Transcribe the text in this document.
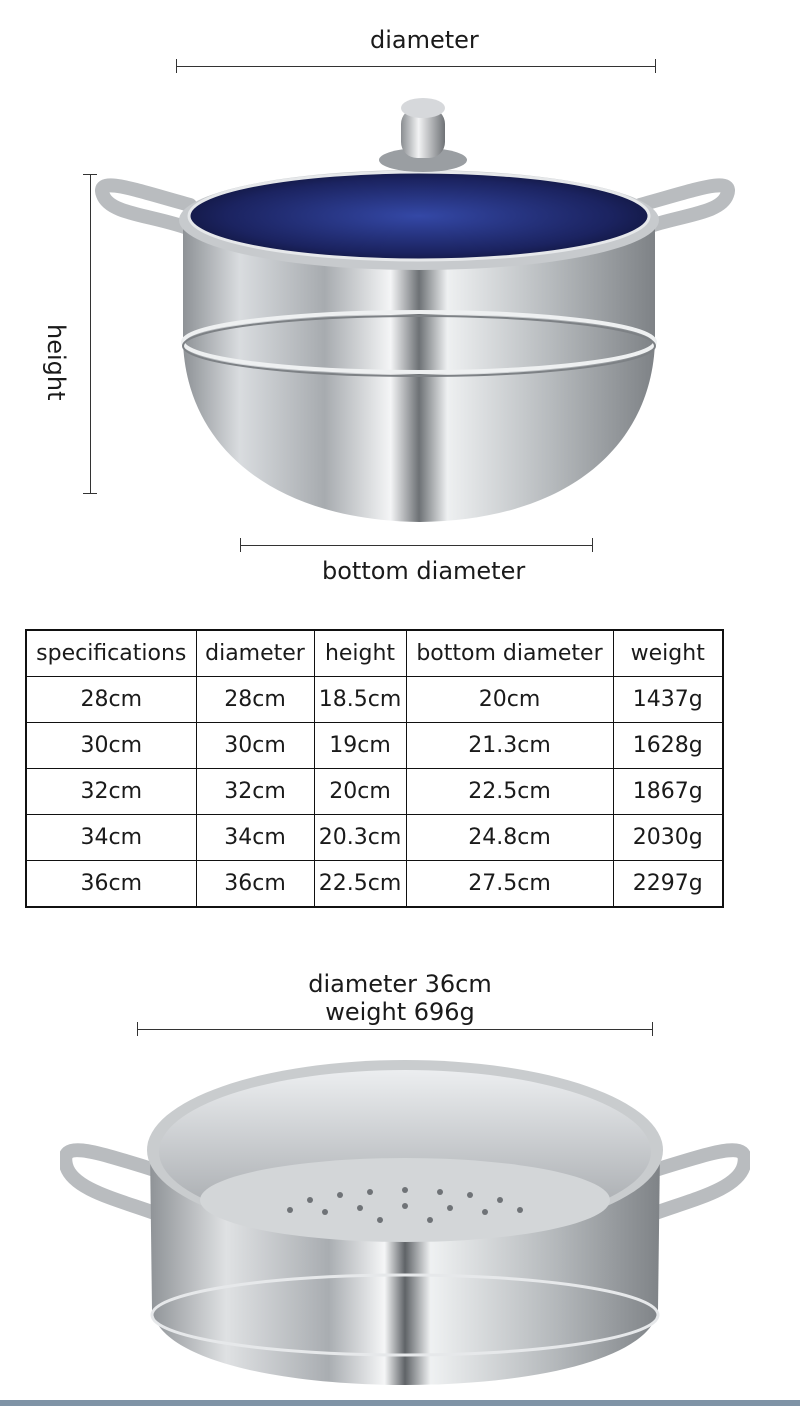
diameter
height
bottom diameter
specifications	diameter	height	bottom diameter	weight
28cm	28cm	18.5cm	20cm	1437g
30cm	30cm	19cm	21.3cm	1628g
32cm	32cm	20cm	22.5cm	1867g
34cm	34cm	20.3cm	24.8cm	2030g
36cm	36cm	22.5cm	27.5cm	2297g
diameter 36cm
weight 696g
